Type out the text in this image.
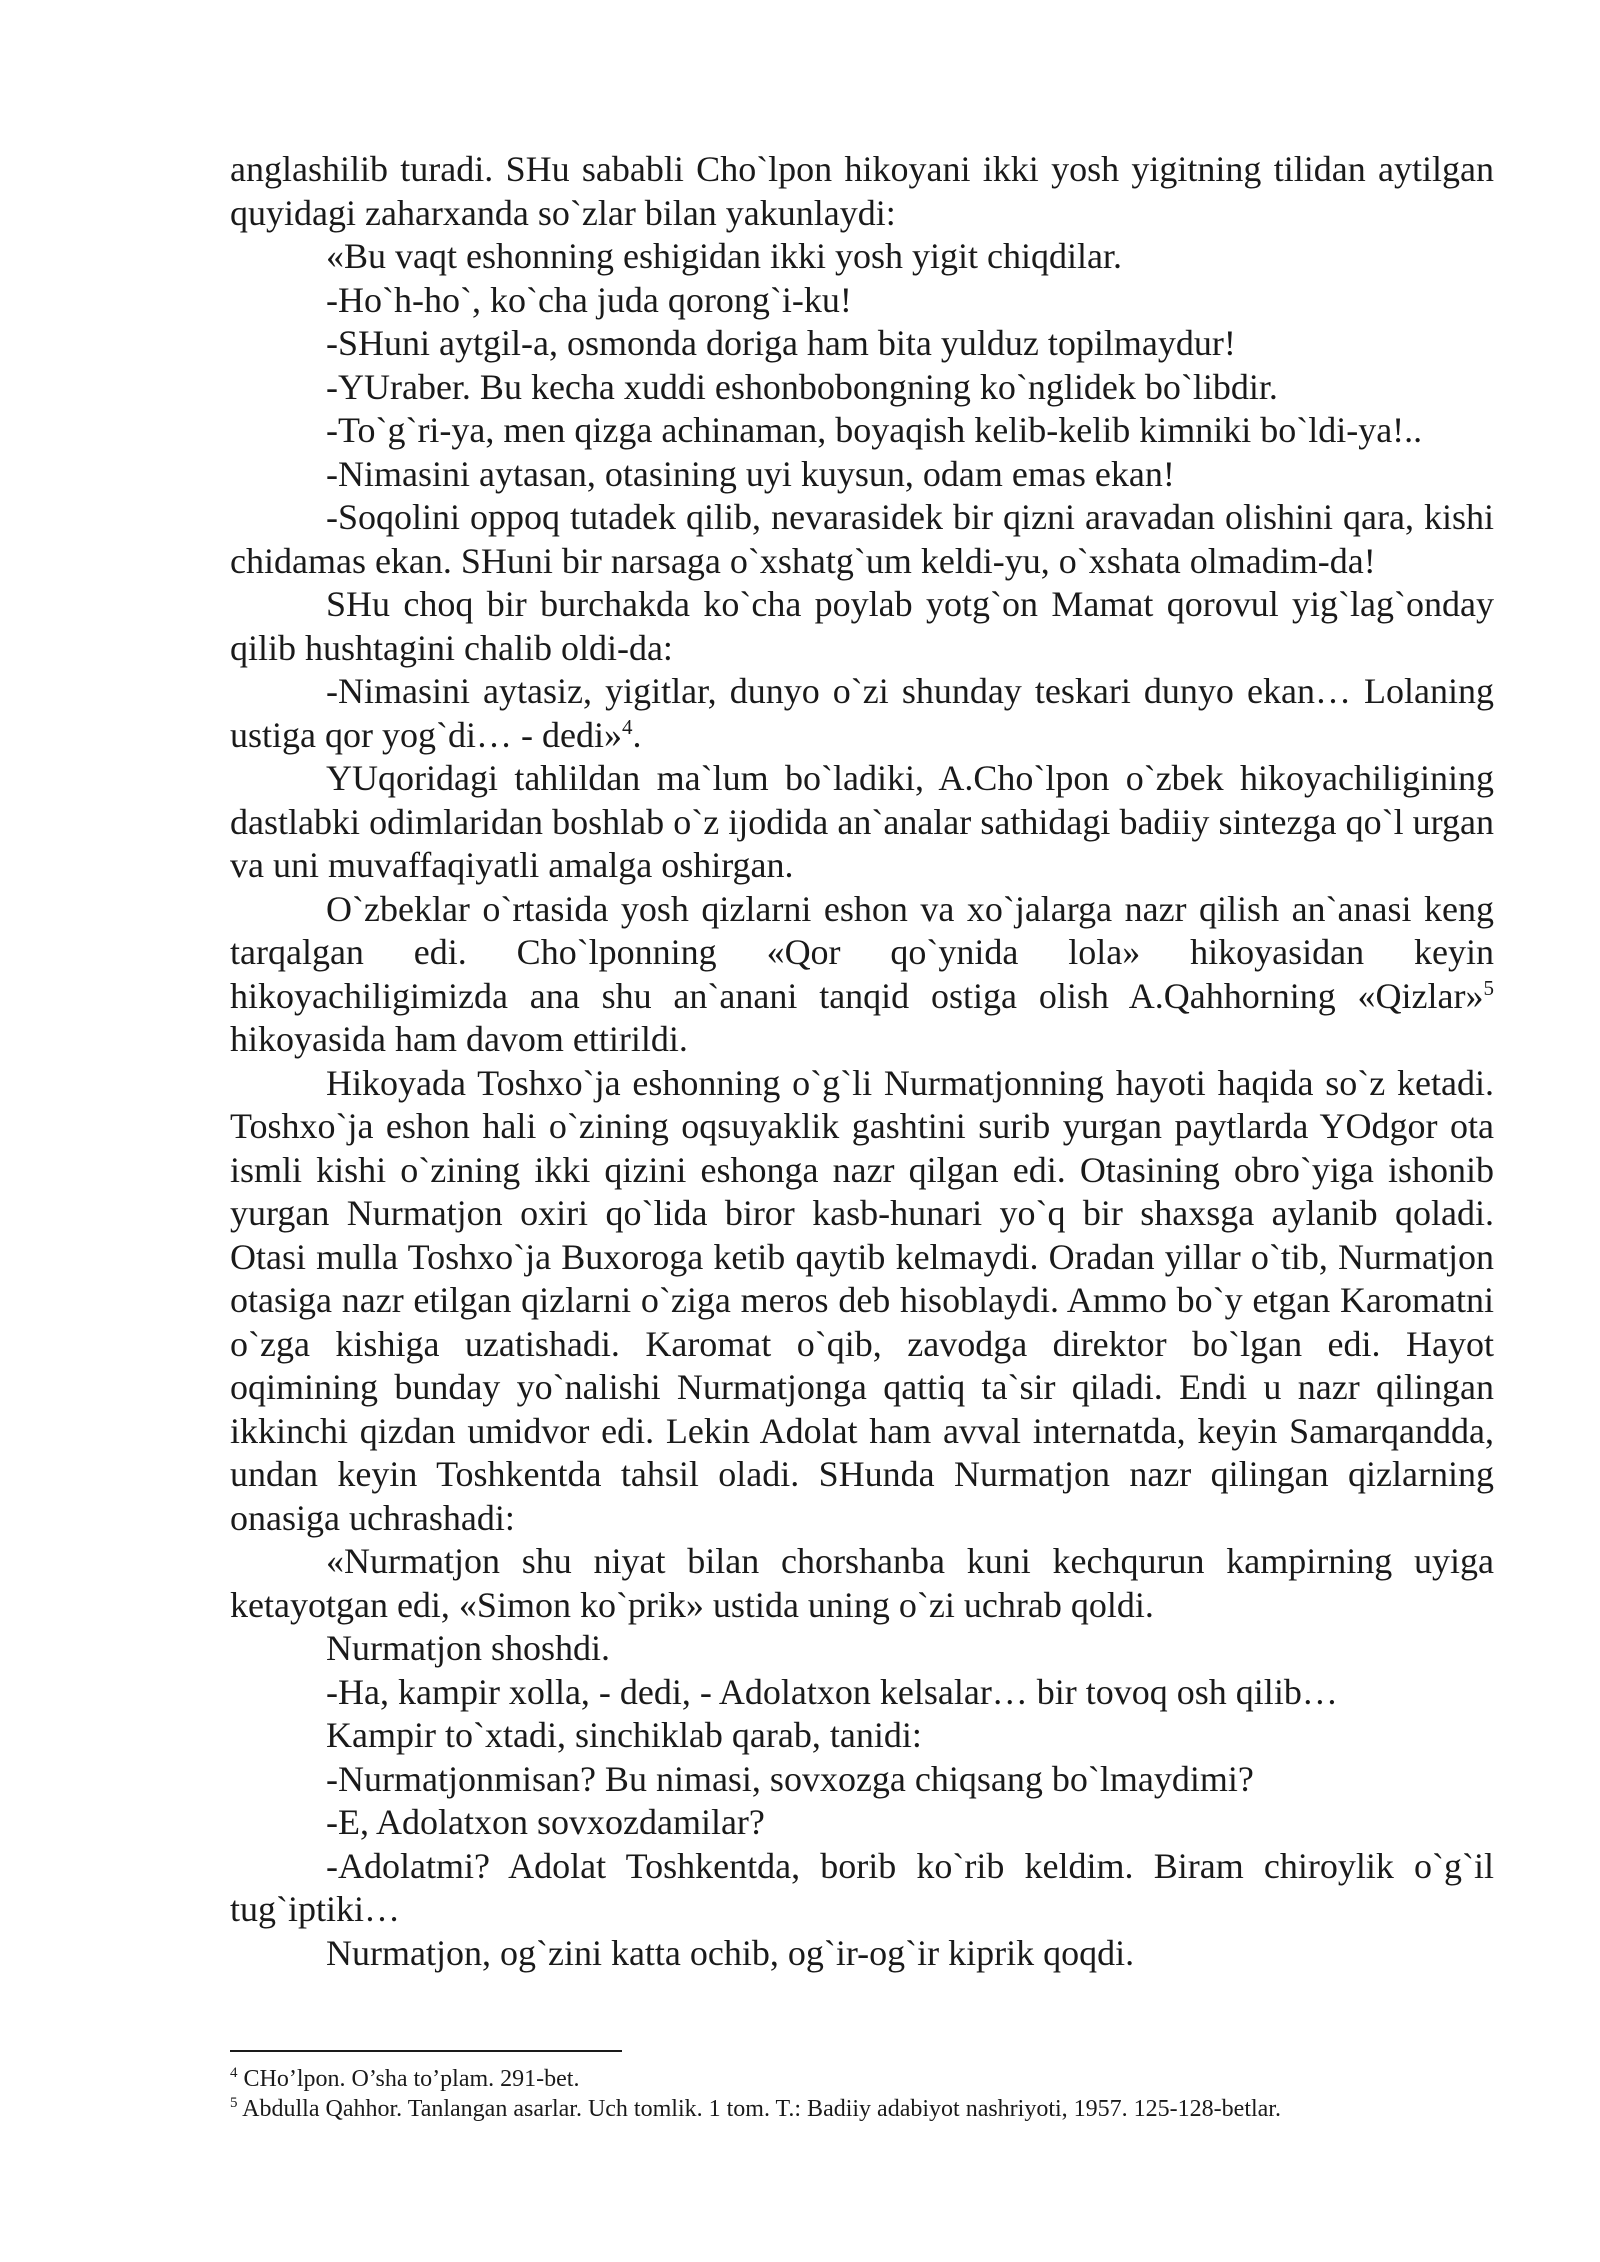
anglashilib turadi. SHu sababli Cho`lpon hikoyani ikki yosh yigitning tilidan aytilgan quyidagi zaharxanda so`zlar bilan yakunlaydi:

«Bu vaqt eshonning eshigidan ikki yosh yigit chiqdilar.

-Ho`h-ho`, ko`cha juda qorong`i-ku!

-SHuni aytgil-a, osmonda doriga ham bita yulduz topilmaydur!

-YUraber. Bu kecha xuddi eshonbobongning ko`nglidek bo`libdir.

-To`g`ri-ya, men qizga achinaman, boyaqish kelib-kelib kimniki bo`ldi-ya!..

-Nimasini aytasan, otasining uyi kuysun, odam emas ekan!

-Soqolini oppoq tutadek qilib, nevarasidek bir qizni aravadan olishini qara, kishi chidamas ekan. SHuni bir narsaga o`xshatg`um keldi-yu, o`xshata olmadim-da!

SHu choq bir burchakda ko`cha poylab yotg`on Mamat qorovul yig`lag`onday qilib hushtagini chalib oldi-da:

-Nimasini aytasiz, yigitlar, dunyo o`zi shunday teskari dunyo ekan… Lolaning ustiga qor yog`di… - dedi»$^4$.

YUqoridagi tahlildan ma`lum bo`ladiki, A.Cho`lpon o`zbek hikoyachiligining dastlabki odimlaridan boshlab o`z ijodida an`analar sathidagi badiiy sintezga qo`l urgan va uni muvaffaqiyatli amalga oshirgan.

O`zbeklar o`rtasida yosh qizlarni eshon va xo`jalarga nazr qilish an`anasi keng tarqalgan edi. Cho`lponning «Qor qo`ynida lola» hikoyasidan keyin hikoyachiligimizda ana shu an`anani tanqid ostiga olish A.Qahhorning «Qizlar»$^5$ hikoyasida ham davom ettirildi.

Hikoyada Toshxo`ja eshonning o`g`li Nurmatjonning hayoti haqida so`z ketadi. Toshxo`ja eshon hali o`zining oqsuyaklik gashtini surib yurgan paytlarda YOdgor ota ismli kishi o`zining ikki qizini eshonga nazr qilgan edi. Otasining obro`yiga ishonib yurgan Nurmatjon oxiri qo`lida biror kasb-hunari yo`q bir shaxsga aylanib qoladi. Otasi mulla Toshxo`ja Buxoroga ketib qaytib kelmaydi. Oradan yillar o`tib, Nurmatjon otasiga nazr etilgan qizlarni o`ziga meros deb hisoblaydi. Ammo bo`y etgan Karomatni o`zga kishiga uzatishadi. Karomat o`qib, zavodga direktor bo`lgan edi. Hayot oqimining bunday yo`nalishi Nurmatjonga qattiq ta`sir qiladi. Endi u nazr qilingan ikkinchi qizdan umidvor edi. Lekin Adolat ham avval internatda, keyin Samarqandda, undan keyin Toshkentda tahsil oladi. SHunda Nurmatjon nazr qilingan qizlarning onasiga uchrashadi:

«Nurmatjon shu niyat bilan chorshanba kuni kechqurun kampirning uyiga ketayotgan edi, «Simon ko`prik» ustida uning o`zi uchrab qoldi.

Nurmatjon shoshdi.

-Ha, kampir xolla, - dedi, - Adolatxon kelsalar… bir tovoq osh qilib…

Kampir to`xtadi, sinchiklab qarab, tanidi:

-Nurmatjonmisan? Bu nimasi, sovxozga chiqsang bo`lmaydimi?

-E, Adolatxon sovxozdamilar?

-Adolatmi? Adolat Toshkentda, borib ko`rib keldim. Biram chiroylik o`g`il tug`iptiki…

Nurmatjon, og`zini katta ochib, og`ir-og`ir kiprik qoqdi.

$^4$ CHo’lpon. O’sha to’plam. 291-bet.

$^5$ Abdulla Qahhor. Tanlangan asarlar. Uch tomlik. 1 tom. T.: Badiiy adabiyot nashriyoti, 1957. 125-128-betlar.
